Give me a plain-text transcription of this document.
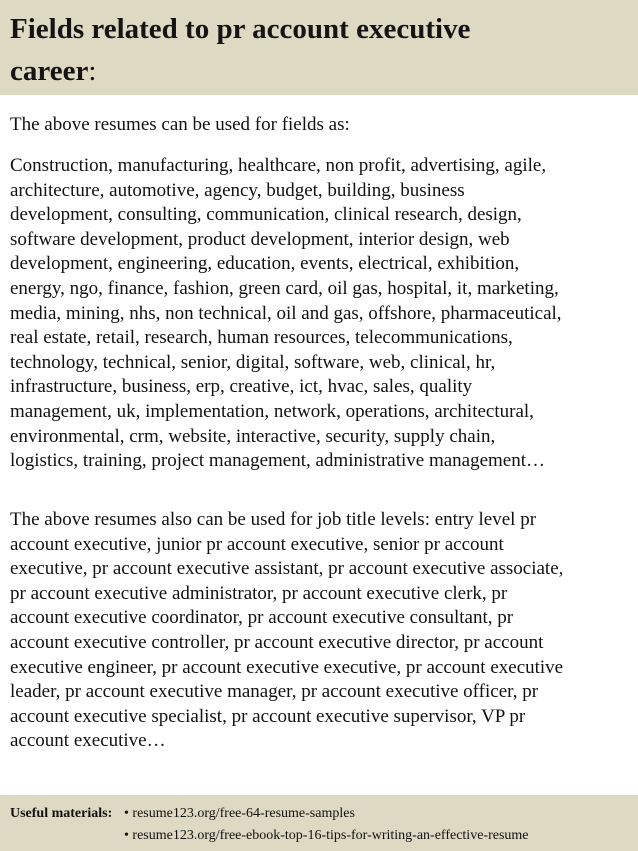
Fields related to pr account executive
career:
The above resumes can be used for fields as:
Construction, manufacturing, healthcare, non profit, advertising, agile,
architecture, automotive, agency, budget, building, business
development, consulting, communication, clinical research, design,
software development, product development, interior design, web
development, engineering, education, events, electrical, exhibition,
energy, ngo, finance, fashion, green card, oil gas, hospital, it, marketing,
media, mining, nhs, non technical, oil and gas, offshore, pharmaceutical,
real estate, retail, research, human resources, telecommunications,
technology, technical, senior, digital, software, web, clinical, hr,
infrastructure, business, erp, creative, ict, hvac, sales, quality
management, uk, implementation, network, operations, architectural,
environmental, crm, website, interactive, security, supply chain,
logistics, training, project management, administrative management…
The above resumes also can be used for job title levels: entry level pr
account executive, junior pr account executive, senior pr account
executive, pr account executive assistant, pr account executive associate,
pr account executive administrator, pr account executive clerk, pr
account executive coordinator, pr account executive consultant, pr
account executive controller, pr account executive director, pr account
executive engineer, pr account executive executive, pr account executive
leader, pr account executive manager, pr account executive officer, pr
account executive specialist, pr account executive supervisor, VP pr
account executive…
Useful materials: • resume123.org/free-64-resume-samples
• resume123.org/free-ebook-top-16-tips-for-writing-an-effective-resume
